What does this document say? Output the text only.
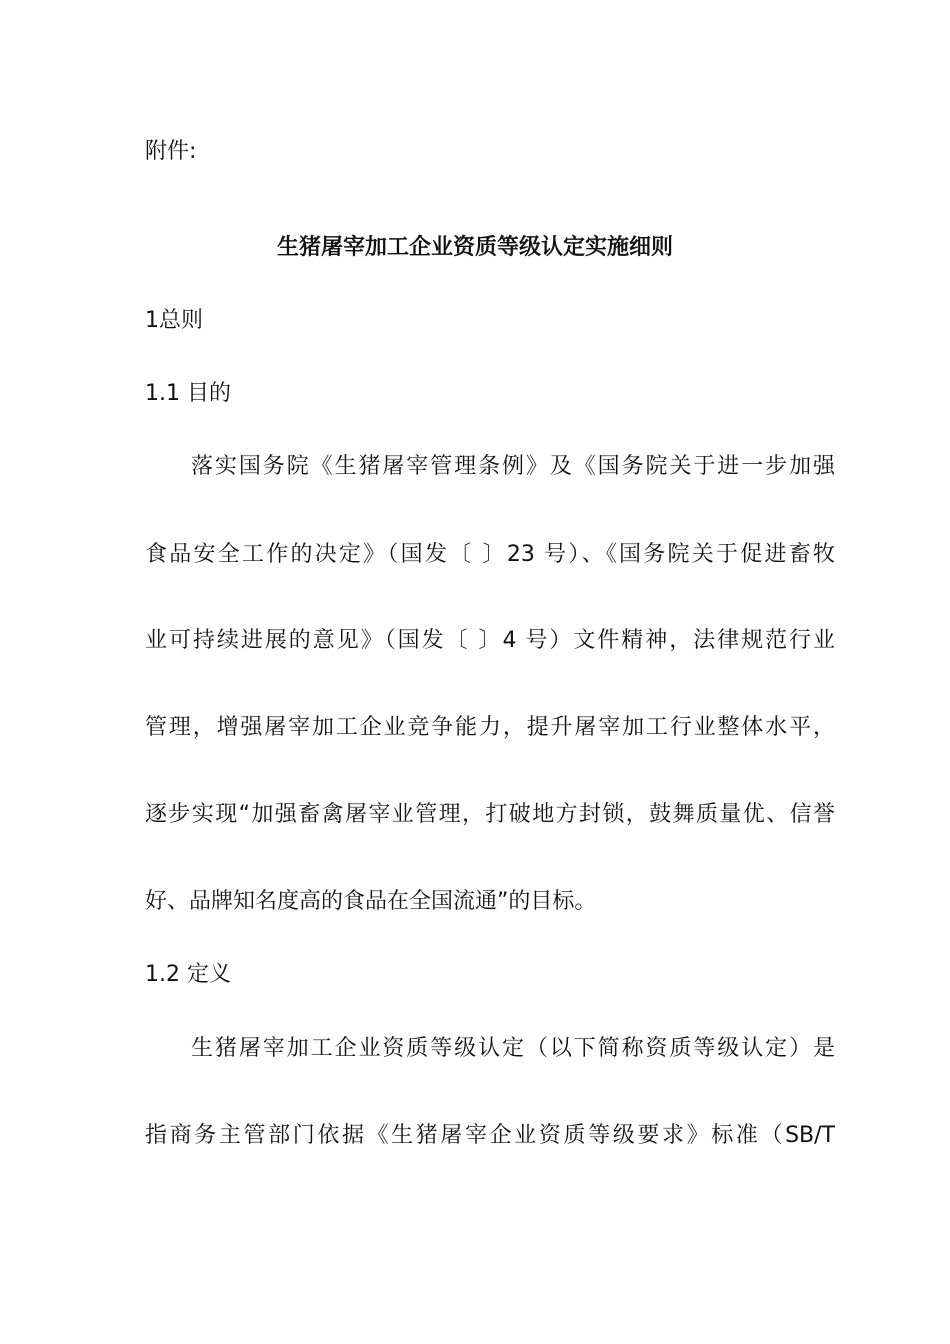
附件:
生猪屠宰加工企业资质等级认定实施细则
1总则
1.1 目的
落实国务院《生猪屠宰管理条例》及《国务院关于进一步加强
食品安全工作的决定》（国发〔 〕23 号）、《国务院关于促进畜牧
业可持续进展的意见》（国发〔 〕4 号）文件精神，法律规范行业
管理，增强屠宰加工企业竞争能力，提升屠宰加工行业整体水平，
逐步实现“加强畜禽屠宰业管理，打破地方封锁，鼓舞质量优、信誉
好、品牌知名度高的食品在全国流通”的目标。
1.2 定义
生猪屠宰加工企业资质等级认定（以下简称资质等级认定）是
指商务主管部门依据《生猪屠宰企业资质等级要求》标准（SB/T
